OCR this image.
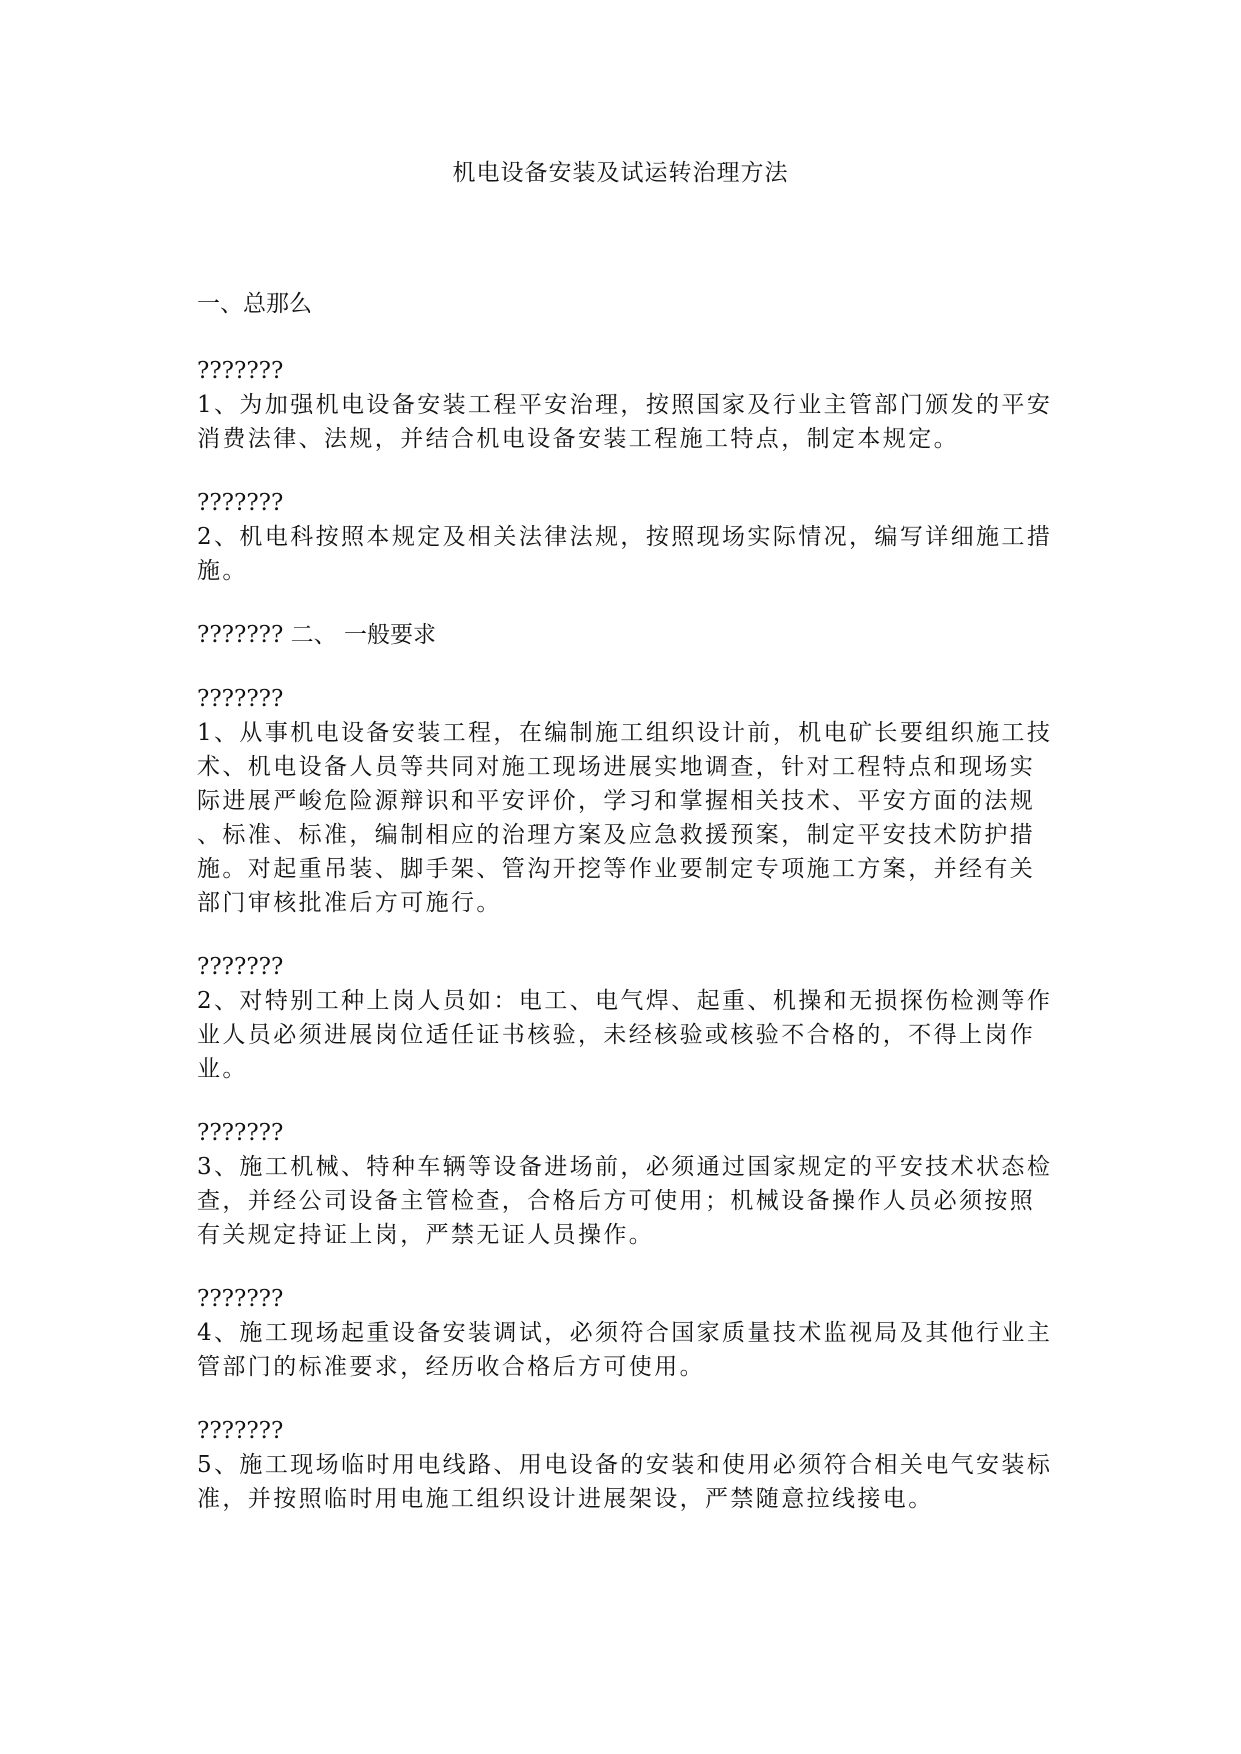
机电设备安装及试运转治理方法
一、总那么
???????
1、为加强机电设备安装工程平安治理，按照国家及行业主管部门颁发的平安
消费法律、法规，并结合机电设备安装工程施工特点，制定本规定。
???????
2、机电科按照本规定及相关法律法规，按照现场实际情况，编写详细施工措
施。
??????? 二、 一般要求
???????
1、从事机电设备安装工程，在编制施工组织设计前，机电矿长要组织施工技
术、机电设备人员等共同对施工现场进展实地调查，针对工程特点和现场实
际进展严峻危险源辩识和平安评价，学习和掌握相关技术、平安方面的法规
、标准、标准，编制相应的治理方案及应急救援预案，制定平安技术防护措
施。对起重吊装、脚手架、管沟开挖等作业要制定专项施工方案，并经有关
部门审核批准后方可施行。
???????
2、对特别工种上岗人员如：电工、电气焊、起重、机操和无损探伤检测等作
业人员必须进展岗位适任证书核验，未经核验或核验不合格的，不得上岗作
业。
???????
3、施工机械、特种车辆等设备进场前，必须通过国家规定的平安技术状态检
查，并经公司设备主管检查，合格后方可使用；机械设备操作人员必须按照
有关规定持证上岗，严禁无证人员操作。
???????
4、施工现场起重设备安装调试，必须符合国家质量技术监视局及其他行业主
管部门的标准要求，经历收合格后方可使用。
???????
5、施工现场临时用电线路、用电设备的安装和使用必须符合相关电气安装标
准，并按照临时用电施工组织设计进展架设，严禁随意拉线接电。
